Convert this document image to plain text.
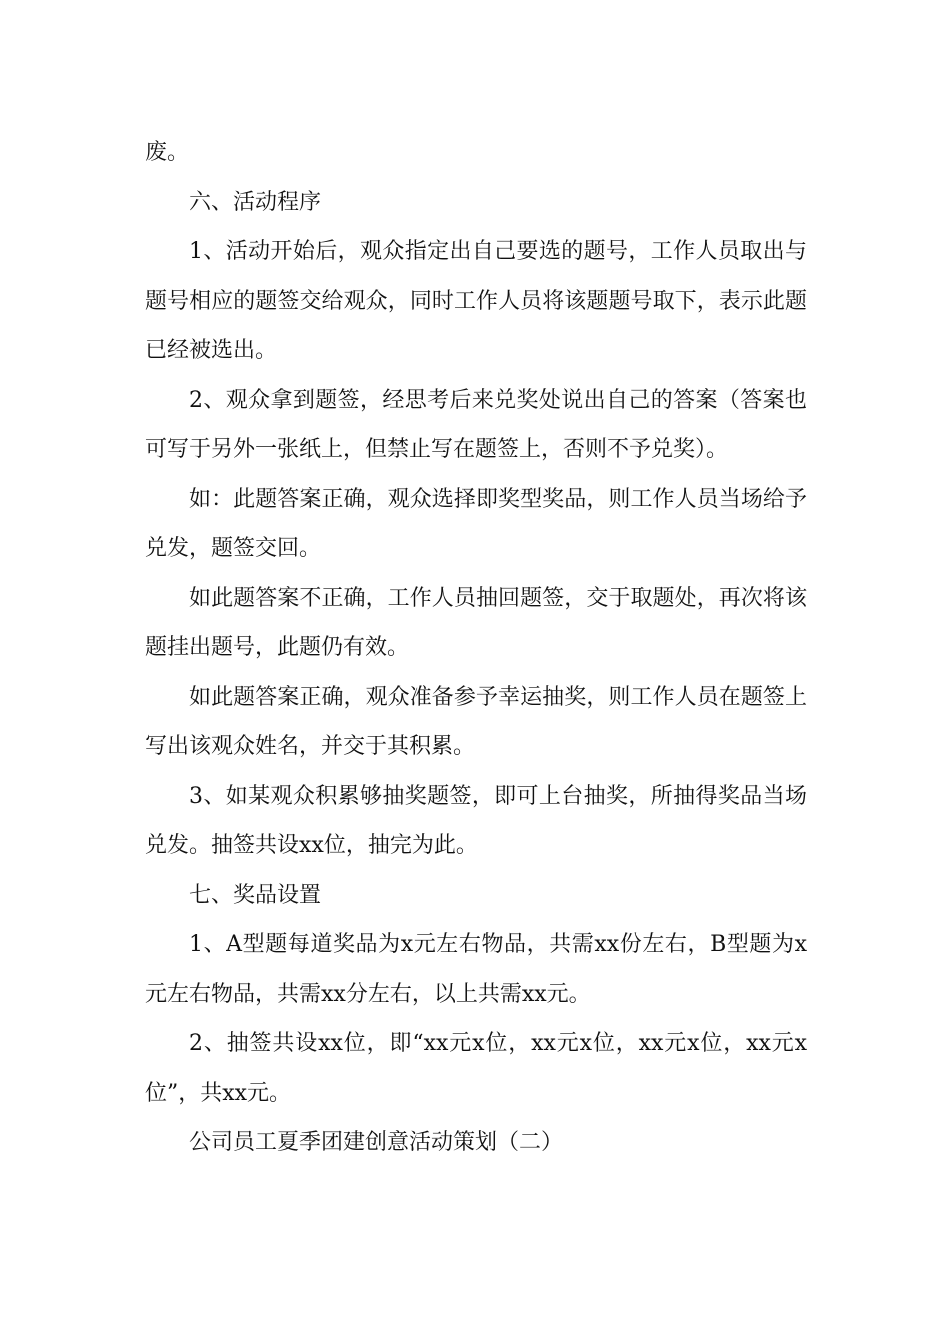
废。

六、活动程序

1、活动开始后，观众指定出自己要选的题号，工作人员取出与题号相应的题签交给观众，同时工作人员将该题题号取下，表示此题已经被选出。

2、观众拿到题签，经思考后来兑奖处说出自己的答案（答案也可写于另外一张纸上，但禁止写在题签上，否则不予兑奖）。

如：此题答案正确，观众选择即奖型奖品，则工作人员当场给予兑发，题签交回。

如此题答案不正确，工作人员抽回题签，交于取题处，再次将该题挂出题号，此题仍有效。

如此题答案正确，观众准备参予幸运抽奖，则工作人员在题签上写出该观众姓名，并交于其积累。

3、如某观众积累够抽奖题签，即可上台抽奖，所抽得奖品当场兑发。抽签共设xx位，抽完为此。

七、奖品设置

1、A型题每道奖品为x元左右物品，共需xx份左右，B型题为x元左右物品，共需xx分左右，以上共需xx元。

2、抽签共设xx位，即“xx元x位，xx元x位，xx元x位，xx元x位”，共xx元。

公司员工夏季团建创意活动策划（二）
